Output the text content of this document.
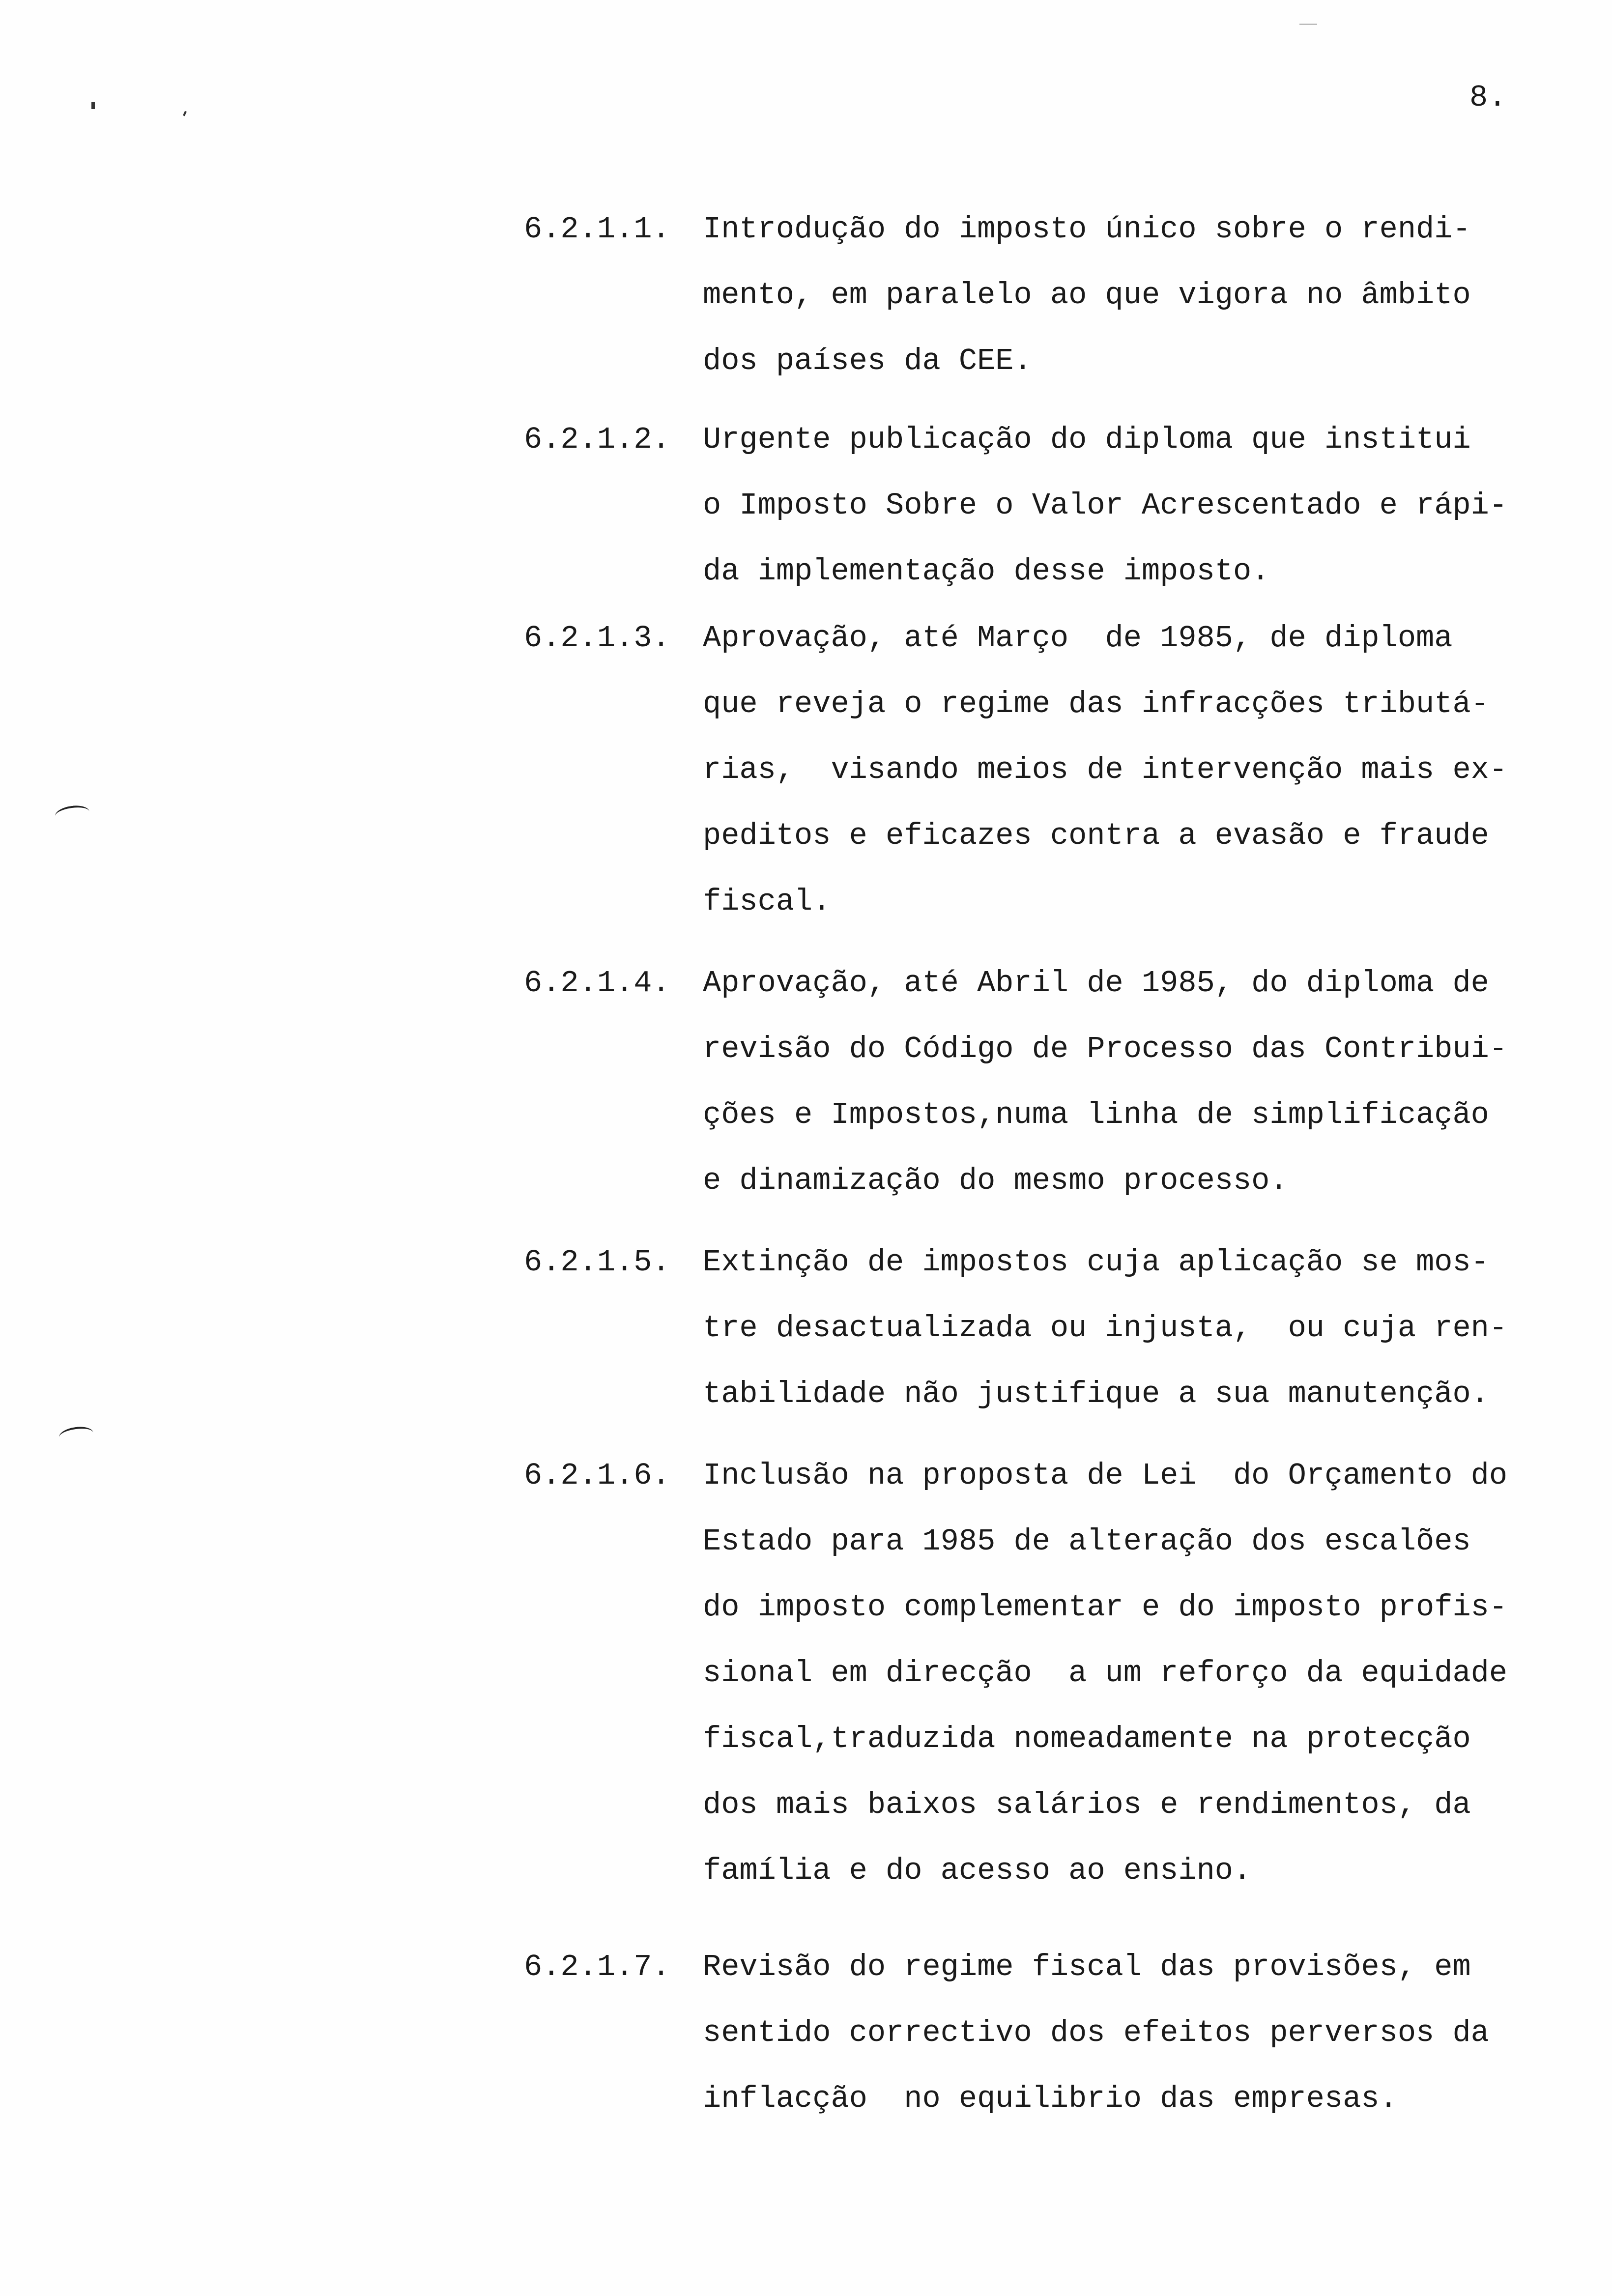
8.
6.2.1.1. Introdução do imposto único sobre o rendi-
mento, em paralelo ao que vigora no âmbito
dos países da CEE.
6.2.1.2. Urgente publicação do diploma que institui
o Imposto Sobre o Valor Acrescentado e rápi-
da implementação desse imposto.
6.2.1.3. Aprovação, até Março  de 1985, de diploma
que reveja o regime das infracções tributá-
rias,  visando meios de intervenção mais ex-
peditos e eficazes contra a evasão e fraude
fiscal.
6.2.1.4. Aprovação, até Abril de 1985, do diploma de
revisão do Código de Processo das Contribui-
ções e Impostos,numa linha de simplificação
e dinamização do mesmo processo.
6.2.1.5. Extinção de impostos cuja aplicação se mos-
tre desactualizada ou injusta,  ou cuja ren-
tabilidade não justifique a sua manutenção.
6.2.1.6. Inclusão na proposta de Lei  do Orçamento do
Estado para 1985 de alteração dos escalões
do imposto complementar e do imposto profis-
sional em direcção  a um reforço da equidade
fiscal,traduzida nomeadamente na protecção
dos mais baixos salários e rendimentos, da
família e do acesso ao ensino.
6.2.1.7. Revisão do regime fiscal das provisões, em
sentido correctivo dos efeitos perversos da
inflacção  no equilibrio das empresas.
